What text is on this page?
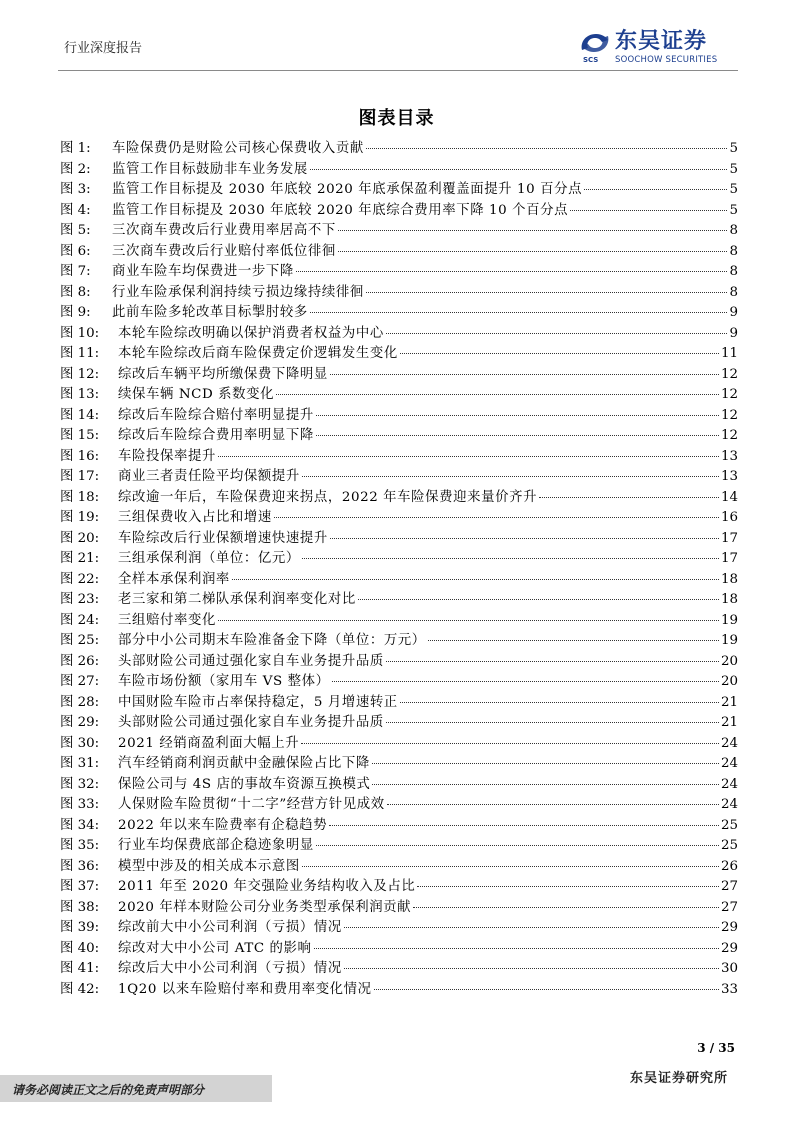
行业深度报告
SCS
东吴证券
SOOCHOW SECURITIES
图表目录
图 1:	车险保费仍是财险公司核心保费收入贡献	5
图 2:	监管工作目标鼓励非车业务发展	5
图 3:	监管工作目标提及 2030 年底较 2020 年底承保盈利覆盖面提升 10 百分点	5
图 4:	监管工作目标提及 2030 年底较 2020 年底综合费用率下降 10 个百分点	5
图 5:	三次商车费改后行业费用率居高不下	8
图 6:	三次商车费改后行业赔付率低位徘徊	8
图 7:	商业车险车均保费进一步下降	8
图 8:	行业车险承保利润持续亏损边缘持续徘徊	8
图 9:	此前车险多轮改革目标掣肘较多	9
图 10:	本轮车险综改明确以保护消费者权益为中心	9
图 11:	本轮车险综改后商车险保费定价逻辑发生变化	11
图 12:	综改后车辆平均所缴保费下降明显	12
图 13:	续保车辆 NCD 系数变化	12
图 14:	综改后车险综合赔付率明显提升	12
图 15:	综改后车险综合费用率明显下降	12
图 16:	车险投保率提升	13
图 17:	商业三者责任险平均保额提升	13
图 18:	综改逾一年后，车险保费迎来拐点，2022 年车险保费迎来量价齐升	14
图 19:	三组保费收入占比和增速	16
图 20:	车险综改后行业保额增速快速提升	17
图 21:	三组承保利润（单位：亿元）	17
图 22:	全样本承保利润率	18
图 23:	老三家和第二梯队承保利润率变化对比	18
图 24:	三组赔付率变化	19
图 25:	部分中小公司期末车险准备金下降（单位：万元）	19
图 26:	头部财险公司通过强化家自车业务提升品质	20
图 27:	车险市场份额（家用车 VS 整体）	20
图 28:	中国财险车险市占率保持稳定，5 月增速转正	21
图 29:	头部财险公司通过强化家自车业务提升品质	21
图 30:	2021 经销商盈利面大幅上升	24
图 31:	汽车经销商利润贡献中金融保险占比下降	24
图 32:	保险公司与 4S 店的事故车资源互换模式	24
图 33:	人保财险车险贯彻“十二字”经营方针见成效	24
图 34:	2022 年以来车险费率有企稳趋势	25
图 35:	行业车均保费底部企稳迹象明显	25
图 36:	模型中涉及的相关成本示意图	26
图 37:	2011 年至 2020 年交强险业务结构收入及占比	27
图 38:	2020 年样本财险公司分业务类型承保利润贡献	27
图 39:	综改前大中小公司利润（亏损）情况	29
图 40:	综改对大中小公司 ATC 的影响	29
图 41:	综改后大中小公司利润（亏损）情况	30
图 42:	1Q20 以来车险赔付率和费用率变化情况	33
3 / 35
请务必阅读正文之后的免责声明部分
东吴证券研究所
